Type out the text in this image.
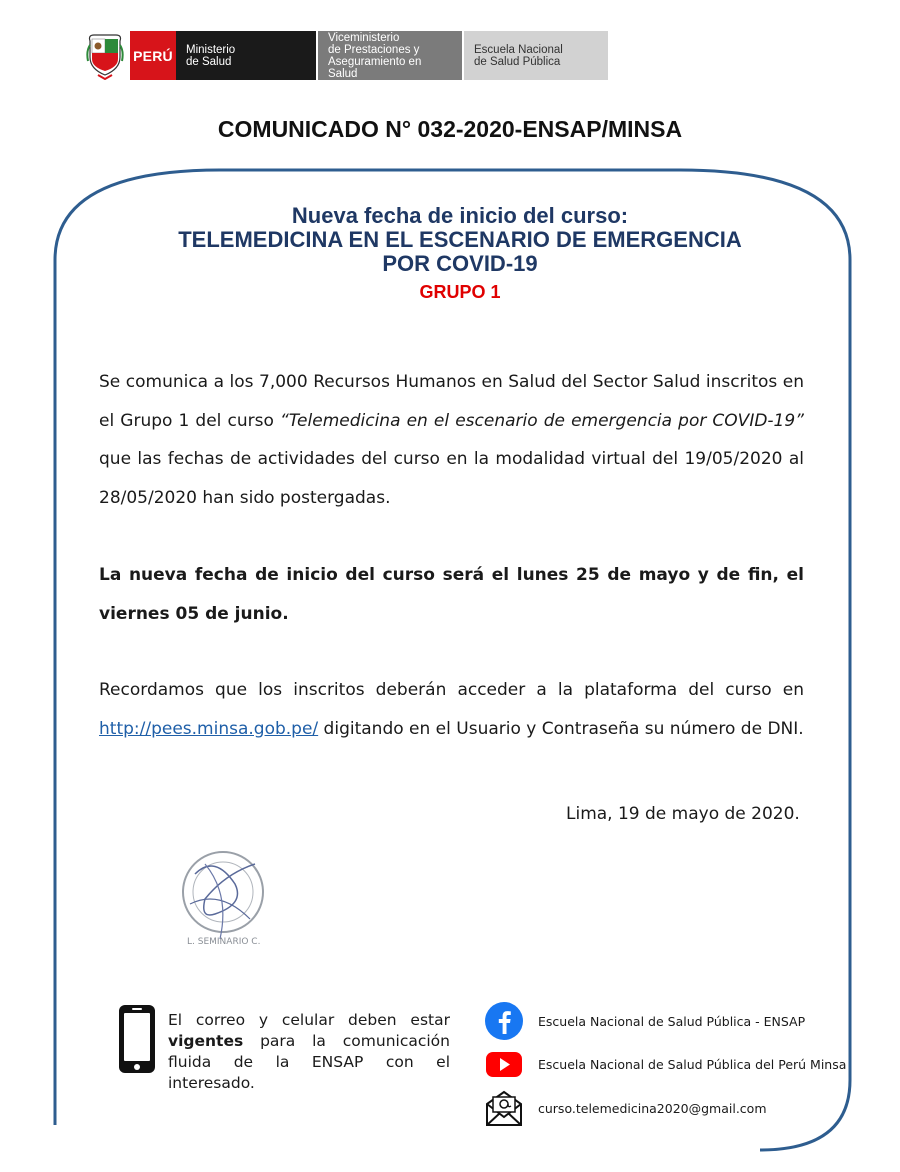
PERÚ Ministerio
de Salud
Viceministerio
de Prestaciones y
Aseguramiento en Salud
Escuela Nacional
de Salud Pública
COMUNICADO N° 032-2020-ENSAP/MINSA
Nueva fecha de inicio del curso:
TELEMEDICINA EN EL ESCENARIO DE EMERGENCIA
POR COVID-19
GRUPO 1
Se comunica a los 7,000 Recursos Humanos en Salud del Sector Salud inscritos en el Grupo 1 del curso “Telemedicina en el escenario de emergencia por COVID-19” que las fechas de actividades del curso en la modalidad virtual del 19/05/2020 al 28/05/2020 han sido postergadas.
La nueva fecha de inicio del curso será el lunes 25 de mayo y de fin, el viernes 05 de junio.
Recordamos que los inscritos deberán acceder a la plataforma del curso en http://pees.minsa.gob.pe/ digitando en el Usuario y Contraseña su número de DNI.
Lima, 19 de mayo de 2020.
L. SEMINARIO C.
El correo y celular deben estar vigentes para la comunicación fluida de la ENSAP con el interesado.
Escuela Nacional de Salud Pública - ENSAP
Escuela Nacional de Salud Pública del Perú Minsa
curso.telemedicina2020@gmail.com
